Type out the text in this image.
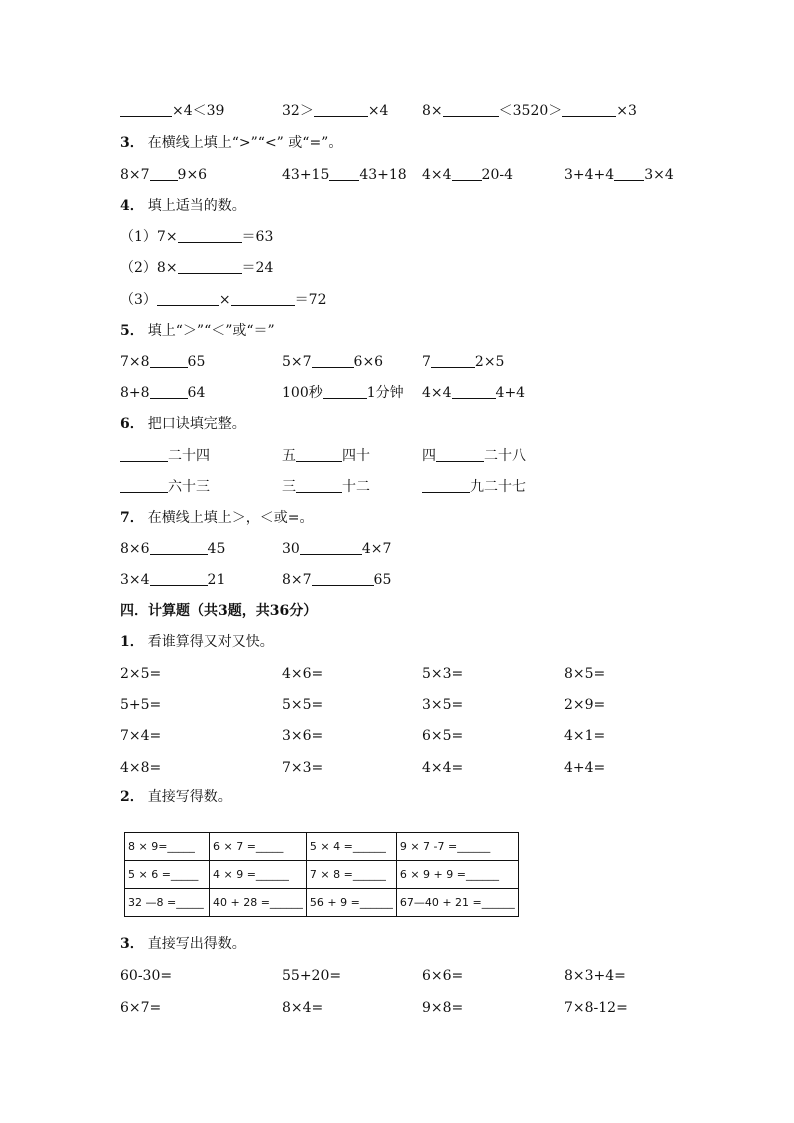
×4＜39	32＞	×4 8×	＜3520＞	×3
3． 在横线上填上“>”“<” 或“=”。
8×7 9×6	43+15 43+18 4×4 20-4	3+4+4 3×4
4． 填上适当的数。
（1）7×	＝63
（2）8×	＝24
（3）	×	＝72
5． 填上“＞”“＜”或“＝”
7×8	65	5×7	6×6	7	2×5
8+8	64	100秒	1分钟 4×4	4+4
6． 把口诀填完整。
二十四	五	四十	四	二十八
六十三	三	十二	九二十七
7． 在横线上填上＞，＜或=。
8×6	45	30	4×7
3×4	21	8×7	65
四．计算题（共3题，共36分）
1． 看谁算得又对又快。
2×5=	4×6=	5×3=	8×5=
5+5=	5×5=	3×5=	2×9=
7×4=	3×6=	6×5=	4×1=
4×8=	7×3=	4×4=	4+4=
2． 直接写得数。
8 × 9=_____	6 × 7 =_____	5 × 4 =______	9 × 7 -7 =______
5 × 6 =_____	4 × 9 =______	7 × 8 =______	6 × 9 + 9 =______
32 —8 =_____	40 + 28 =______	56 + 9 =______	67—40 + 21 =______
3． 直接写出得数。
60-30=	55+20=	6×6=	8×3+4=
6×7=	8×4=	9×8=	7×8-12=
